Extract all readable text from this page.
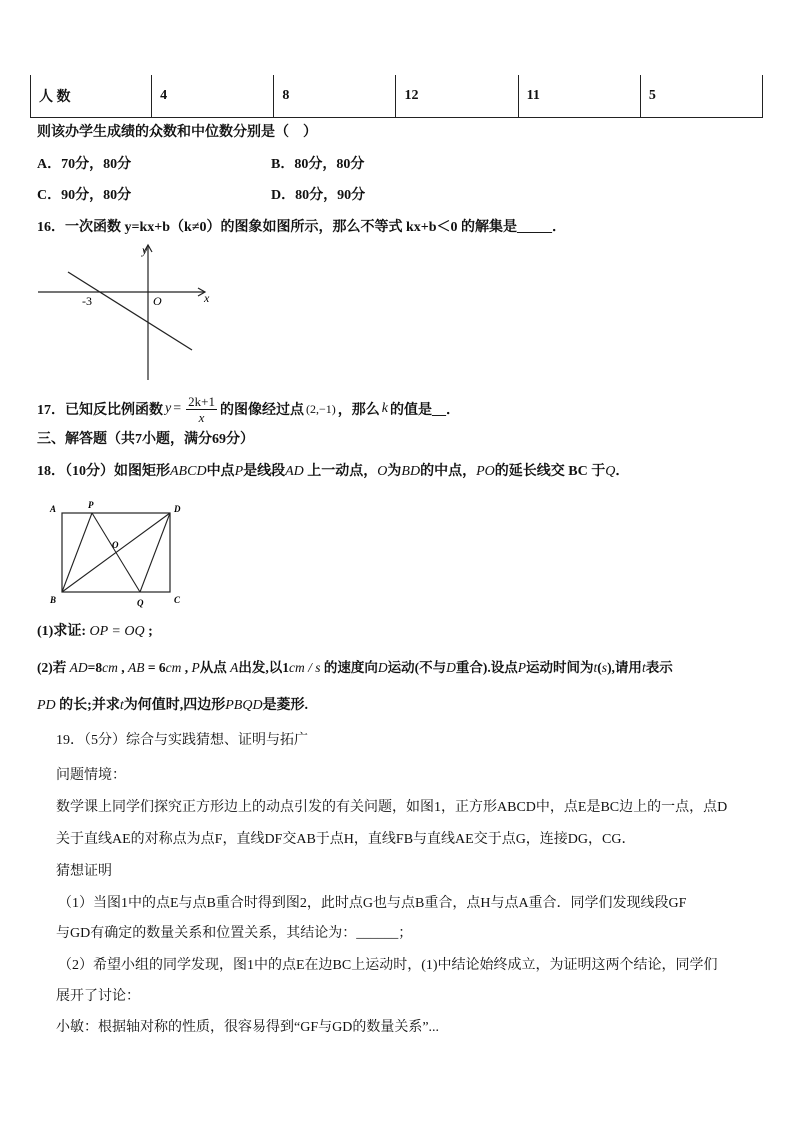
人 数	4	8	12	11	5
则该办学生成绩的众数和中位数分别是（　）
A．70分，80分	B．80分，80分
C．90分，80分	D．80分，90分
16．一次函数 y=kx+b（k≠0）的图象如图所示，那么不等式 kx+b＜0 的解集是_____．
y
x
-3	O
17．已知反比例函数 $y = \frac{2k+1}{x}$ 的图像经过点 (2,−1) ，那么 k 的值是__．
三、解答题（共7小题，满分69分）
18．（10分）如图矩形ABCD中点P是线段AD 上一动点，O为BD的中点，PO的延长线交 BC 于Q．
A	P	D
O
B	Q	C
(1)求证: OP = OQ ;
(2)若 AD=8cm , AB = 6cm , P从点 A出发,以1cm / s 的速度向D运动(不与D重合).设点P运动时间为t(s),请用t表示
PD 的长;并求t为何值时,四边形PBQD是菱形.
19．（5分）综合与实践猜想、证明与拓广
问题情境：
数学课上同学们探究正方形边上的动点引发的有关问题，如图1，正方形ABCD中，点E是BC边上的一点，点D
关于直线AE的对称点为点F，直线DF交AB于点H，直线FB与直线AE交于点G，连接DG，CG．
猜想证明
（1）当图1中的点E与点B重合时得到图2，此时点G也与点B重合，点H与点A重合．同学们发现线段GF
与GD有确定的数量关系和位置关系，其结论为：______；
（2）希望小组的同学发现，图1中的点E在边BC上运动时，(1)中结论始终成立，为证明这两个结论，同学们
展开了讨论：
小敏：根据轴对称的性质，很容易得到“GF与GD的数量关系”...
